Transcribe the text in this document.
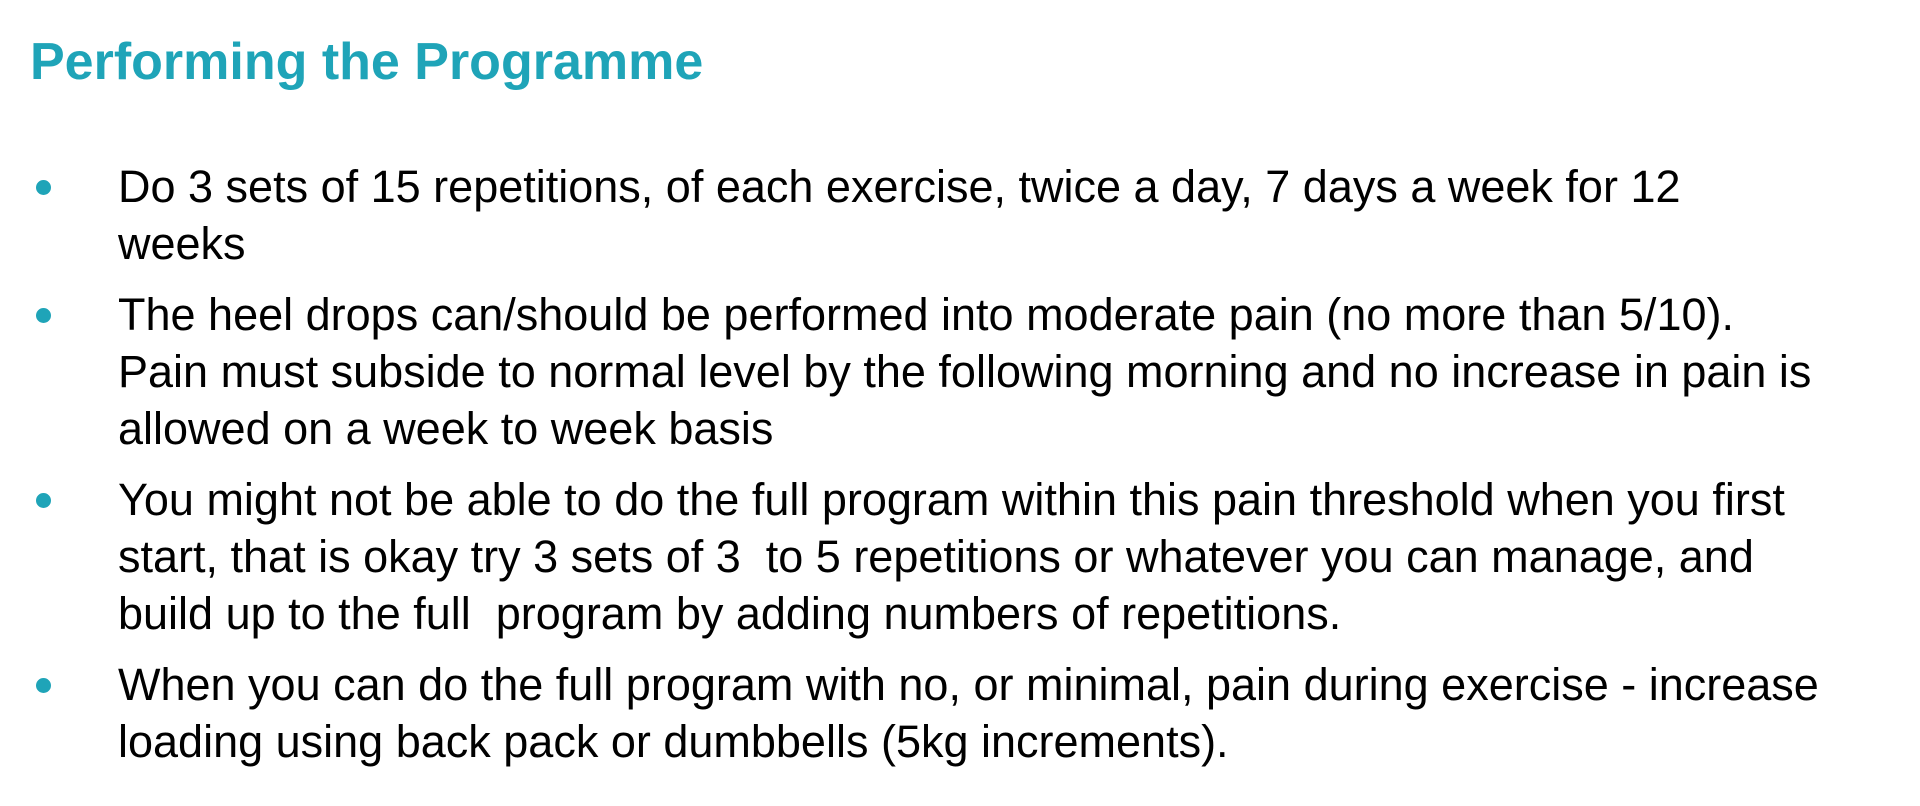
Performing the Programme
Do 3 sets of 15 repetitions, of each exercise, twice a day, 7 days a week for 12 weeks
The heel drops can/should be performed into moderate pain (no more than 5/10). Pain must subside to normal level by the following morning and no increase in pain is allowed on a week to week basis
You might not be able to do the full program within this pain threshold when you first start, that is okay try 3 sets of 3  to 5 repetitions or whatever you can manage, and build up to the full  program by adding numbers of repetitions.
When you can do the full program with no, or minimal, pain during exercise - increase loading using back pack or dumbbells (5kg increments).
